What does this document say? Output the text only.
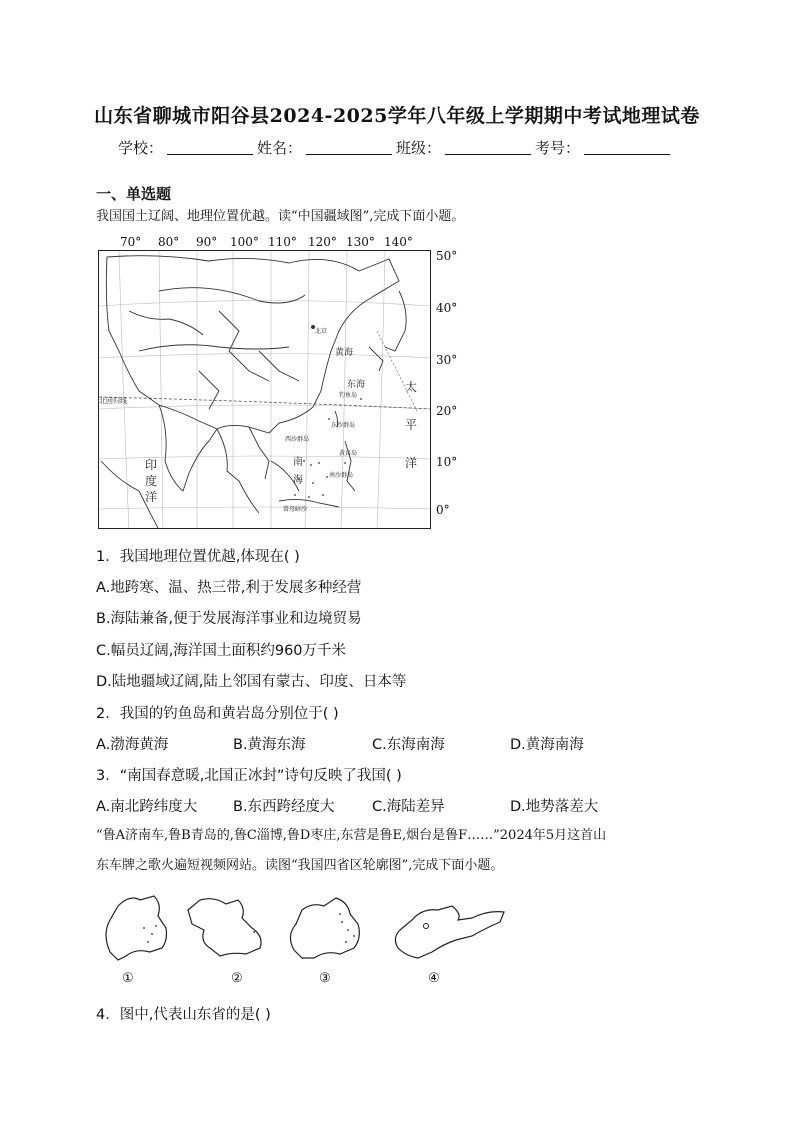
山东省聊城市阳谷县2024-2025学年八年级上学期期中考试地理试卷
学校：	姓名：	班级：	考号：
一、单选题
我国国土辽阔、地理位置优越。读“中国疆域图”,完成下面小题。
70° 80° 90° 100° 110° 120° 130° 140°
50°
40°
30°
20°
10°
0°
黄海
东海
钓鱼岛
北京
北回归线
东沙群岛
西沙群岛
黄岩岛
南沙群岛
曾母暗沙
南
海
太
平
洋
印
度
洋
1．我国地理位置优越,体现在( )
A.地跨寒、温、热三带,利于发展多种经营
B.海陆兼备,便于发展海洋事业和边境贸易
C.幅员辽阔,海洋国土面积约960万千米
D.陆地疆域辽阔,陆上邻国有蒙古、印度、日本等
2．我国的钓鱼岛和黄岩岛分别位于( )
A.渤海黄海	B.黄海东海	C.东海南海	D.黄海南海
3．“南国春意暖,北国正冰封”诗句反映了我国( )
A.南北跨纬度大 B.东西跨经度大	C.海陆差异	D.地势落差大
“鲁A济南车,鲁B青岛的,鲁C淄博,鲁D枣庄,东营是鲁E,烟台是鲁F……”2024年5月这首山
东车牌之歌火遍短视频网站。读图“我国四省区轮廓图”,完成下面小题。
①	②	③	④
4．图中,代表山东省的是( )
